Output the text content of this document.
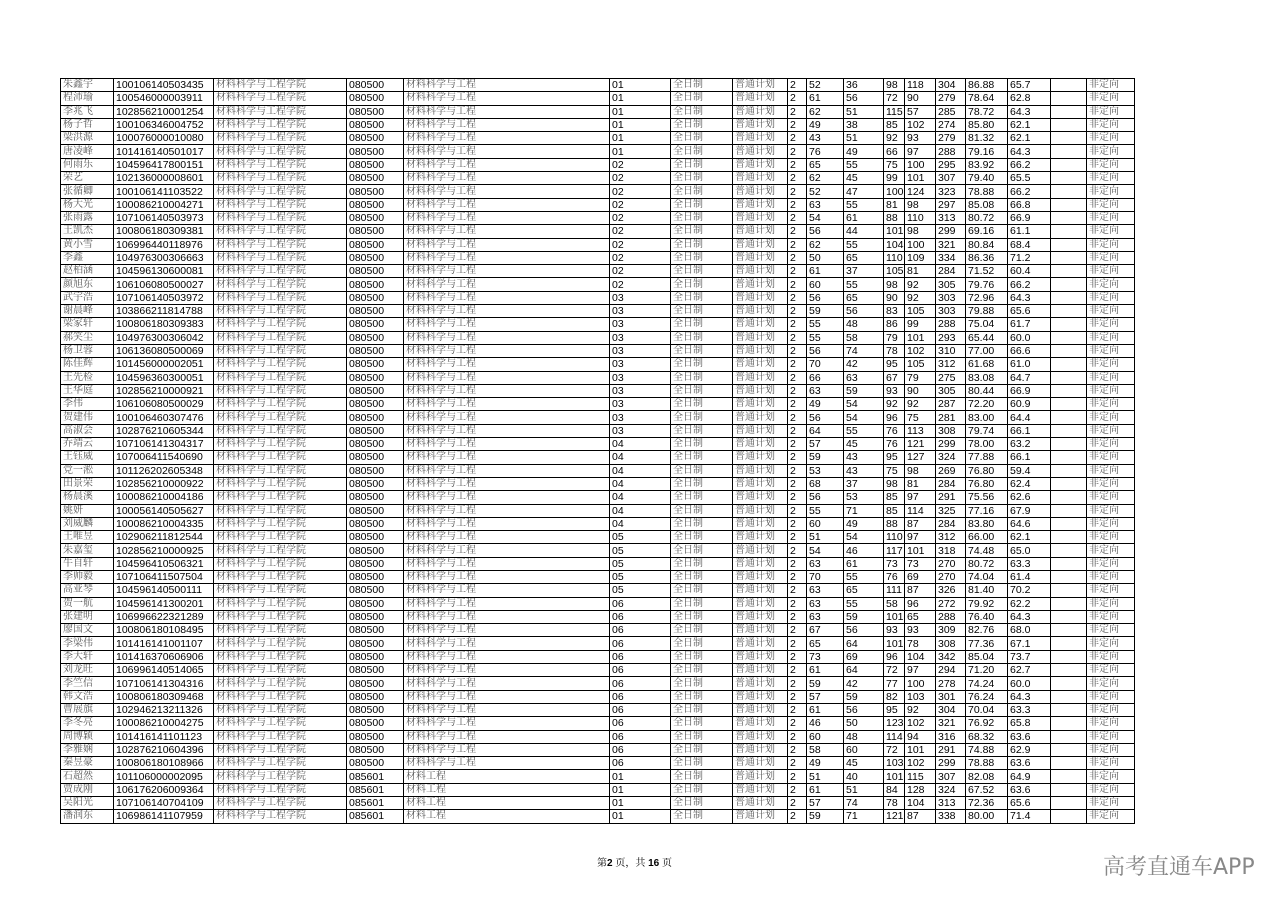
朱鑫宇	100106140503435	材料科学与工程学院	080500	材料科学与工程	01	全日制	普通计划	2	52	36	98	118	304	86.88	65.7		非定向
程沛瑜	100546000003911	材料科学与工程学院	080500	材料科学与工程	01	全日制	普通计划	2	61	56	72	90	279	78.64	62.8		非定向
李兆飞	102856210001254	材料科学与工程学院	080500	材料科学与工程	01	全日制	普通计划	2	62	51	115	57	285	78.72	64.3		非定向
杨子哲	100106346004752	材料科学与工程学院	080500	材料科学与工程	01	全日制	普通计划	2	49	38	85	102	274	85.80	62.1		非定向
梁洪源	100076000010080	材料科学与工程学院	080500	材料科学与工程	01	全日制	普通计划	2	43	51	92	93	279	81.32	62.1		非定向
唐凌峰	101416140501017	材料科学与工程学院	080500	材料科学与工程	01	全日制	普通计划	2	76	49	66	97	288	79.16	64.3		非定向
何雨乐	104596417800151	材料科学与工程学院	080500	材料科学与工程	02	全日制	普通计划	2	65	55	75	100	295	83.92	66.2		非定向
荣艺	102136000008601	材料科学与工程学院	080500	材料科学与工程	02	全日制	普通计划	2	62	45	99	101	307	79.40	65.5		非定向
张循卿	100106141103522	材料科学与工程学院	080500	材料科学与工程	02	全日制	普通计划	2	52	47	100	124	323	78.88	66.2		非定向
杨大光	100086210004271	材料科学与工程学院	080500	材料科学与工程	02	全日制	普通计划	2	63	55	81	98	297	85.08	66.8		非定向
张雨露	107106140503973	材料科学与工程学院	080500	材料科学与工程	02	全日制	普通计划	2	54	61	88	110	313	80.72	66.9		非定向
王凯杰	100806180309381	材料科学与工程学院	080500	材料科学与工程	02	全日制	普通计划	2	56	44	101	98	299	69.16	61.1		非定向
黄小雪	106996440118976	材料科学与工程学院	080500	材料科学与工程	02	全日制	普通计划	2	62	55	104	100	321	80.84	68.4		非定向
李鑫	104976300306663	材料科学与工程学院	080500	材料科学与工程	02	全日制	普通计划	2	50	65	110	109	334	86.36	71.2		非定向
赵柏涵	104596130600081	材料科学与工程学院	080500	材料科学与工程	02	全日制	普通计划	2	61	37	105	81	284	71.52	60.4		非定向
颜旭东	106106080500027	材料科学与工程学院	080500	材料科学与工程	02	全日制	普通计划	2	60	55	98	92	305	79.76	66.2		非定向
武宇浩	107106140503972	材料科学与工程学院	080500	材料科学与工程	03	全日制	普通计划	2	56	65	90	92	303	72.96	64.3		非定向
谢晨峰	103866211814788	材料科学与工程学院	080500	材料科学与工程	03	全日制	普通计划	2	59	56	83	105	303	79.88	65.6		非定向
梁家轩	100806180309383	材料科学与工程学院	080500	材料科学与工程	03	全日制	普通计划	2	55	48	86	99	288	75.04	61.7		非定向
郝笑尘	104976300306042	材料科学与工程学院	080500	材料科学与工程	03	全日制	普通计划	2	55	58	79	101	293	65.44	60.0		非定向
杨卫蓉	106136080500069	材料科学与工程学院	080500	材料科学与工程	03	全日制	普通计划	2	56	74	78	102	310	77.00	66.6		非定向
陈佳辉	101456000002051	材料科学与工程学院	080500	材料科学与工程	03	全日制	普通计划	2	70	42	95	105	312	61.68	61.0		非定向
王先检	104596360300051	材料科学与工程学院	080500	材料科学与工程	03	全日制	普通计划	2	66	63	67	79	275	83.08	64.7		非定向
王华庭	102856210000921	材料科学与工程学院	080500	材料科学与工程	03	全日制	普通计划	2	63	59	93	90	305	80.44	66.9		非定向
李伟	106106080500029	材料科学与工程学院	080500	材料科学与工程	03	全日制	普通计划	2	49	54	92	92	287	72.20	60.9		非定向
贺建伟	100106460307476	材料科学与工程学院	080500	材料科学与工程	03	全日制	普通计划	2	56	54	96	75	281	83.00	64.4		非定向
高淑会	102876210605344	材料科学与工程学院	080500	材料科学与工程	03	全日制	普通计划	2	64	55	76	113	308	79.74	66.1		非定向
乔靖云	107106141304317	材料科学与工程学院	080500	材料科学与工程	04	全日制	普通计划	2	57	45	76	121	299	78.00	63.2		非定向
王钰威	107006411540690	材料科学与工程学院	080500	材料科学与工程	04	全日制	普通计划	2	59	43	95	127	324	77.88	66.1		非定向
党一淞	101126202605348	材料科学与工程学院	080500	材料科学与工程	04	全日制	普通计划	2	53	43	75	98	269	76.80	59.4		非定向
田景荣	102856210000922	材料科学与工程学院	080500	材料科学与工程	04	全日制	普通计划	2	68	37	98	81	284	76.80	62.4		非定向
杨晨溪	100086210004186	材料科学与工程学院	080500	材料科学与工程	04	全日制	普通计划	2	56	53	85	97	291	75.56	62.6		非定向
姚妍	100056140505627	材料科学与工程学院	080500	材料科学与工程	04	全日制	普通计划	2	55	71	85	114	325	77.16	67.9		非定向
刘威麟	100086210004335	材料科学与工程学院	080500	材料科学与工程	04	全日制	普通计划	2	60	49	88	87	284	83.80	64.6		非定向
王唯昱	102906211812544	材料科学与工程学院	080500	材料科学与工程	05	全日制	普通计划	2	51	54	110	97	312	66.00	62.1		非定向
朱嘉玺	102856210000925	材料科学与工程学院	080500	材料科学与工程	05	全日制	普通计划	2	54	46	117	101	318	74.48	65.0		非定向
牛自轩	104596410506321	材料科学与工程学院	080500	材料科学与工程	05	全日制	普通计划	2	63	61	73	73	270	80.72	63.3		非定向
李帅毅	107106411507504	材料科学与工程学院	080500	材料科学与工程	05	全日制	普通计划	2	70	55	76	69	270	74.04	61.4		非定向
高亚琴	104596140500111	材料科学与工程学院	080500	材料科学与工程	05	全日制	普通计划	2	63	65	111	87	326	81.40	70.2		非定向
贺一航	104596141300201	材料科学与工程学院	080500	材料科学与工程	06	全日制	普通计划	2	63	55	58	96	272	79.92	62.2		非定向
张建明	106996622321289	材料科学与工程学院	080500	材料科学与工程	06	全日制	普通计划	2	63	59	101	65	288	76.40	64.3		非定向
廖国文	100806180108495	材料科学与工程学院	080500	材料科学与工程	06	全日制	普通计划	2	67	56	93	93	309	82.76	68.0		非定向
李梁伟	101416141001107	材料科学与工程学院	080500	材料科学与工程	06	全日制	普通计划	2	65	64	101	78	308	77.36	67.1		非定向
李大轩	101416370606906	材料科学与工程学院	080500	材料科学与工程	06	全日制	普通计划	2	73	69	96	104	342	85.04	73.7		非定向
刘龙旺	106996140514065	材料科学与工程学院	080500	材料科学与工程	06	全日制	普通计划	2	61	64	72	97	294	71.20	62.7		非定向
李竺信	107106141304316	材料科学与工程学院	080500	材料科学与工程	06	全日制	普通计划	2	59	42	77	100	278	74.24	60.0		非定向
韩文浩	100806180309468	材料科学与工程学院	080500	材料科学与工程	06	全日制	普通计划	2	57	59	82	103	301	76.24	64.3		非定向
曹展旗	102946213211326	材料科学与工程学院	080500	材料科学与工程	06	全日制	普通计划	2	61	56	95	92	304	70.04	63.3		非定向
李冬亮	100086210004275	材料科学与工程学院	080500	材料科学与工程	06	全日制	普通计划	2	46	50	123	102	321	76.92	65.8		非定向
周博颖	101416141101123	材料科学与工程学院	080500	材料科学与工程	06	全日制	普通计划	2	60	48	114	94	316	68.32	63.6		非定向
李雅娴	102876210604396	材料科学与工程学院	080500	材料科学与工程	06	全日制	普通计划	2	58	60	72	101	291	74.88	62.9		非定向
秦昱豪	100806180108966	材料科学与工程学院	080500	材料科学与工程	06	全日制	普通计划	2	49	45	103	102	299	78.88	63.6		非定向
石超然	101106000002095	材料科学与工程学院	085601	材料工程	01	全日制	普通计划	2	51	40	101	115	307	82.08	64.9		非定向
贾成刚	106176206009364	材料科学与工程学院	085601	材料工程	01	全日制	普通计划	2	61	51	84	128	324	67.52	63.6		非定向
吴阳光	107106140704109	材料科学与工程学院	085601	材料工程	01	全日制	普通计划	2	57	74	78	104	313	72.36	65.6		非定向
潘润东	106986141107959	材料科学与工程学院	085601	材料工程	01	全日制	普通计划	2	59	71	121	87	338	80.00	71.4		非定向
第2 页，共 16 页	高考直通车APP
